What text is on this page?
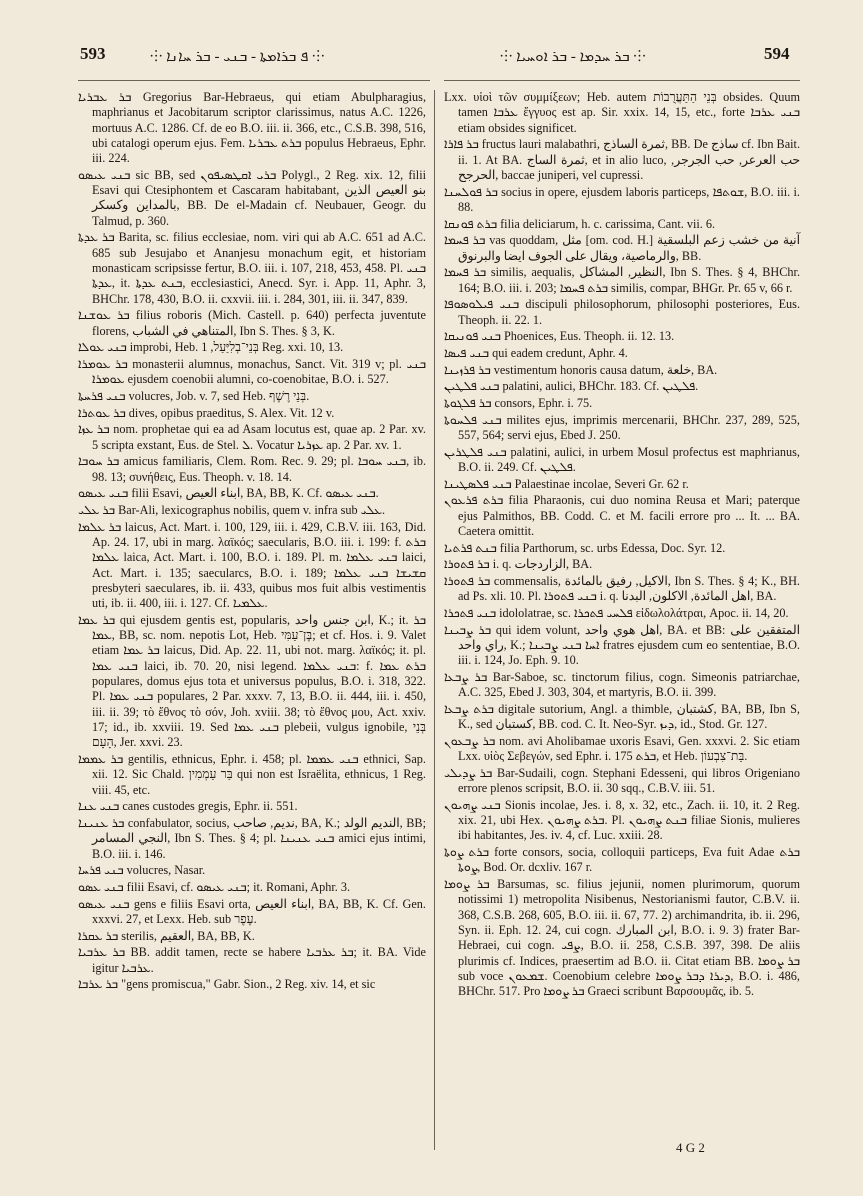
593	⸭ ܦ ܒܪܐܡܬܐ ‑ ܒܢܝ ‑ ܒܪ ܚܐܢܐ ⸭	⸭ ܒܪ ܚܕܡܐ ‑ ܒܪ ܐܘܚܝܐ ⸭	594

ܒܪ ܥܒܪܝܐ Gregorius Bar-Hebraeus, qui etiam Abulpharagius, maphrianus et Jacobitarum scriptor clarissimus, natus A.C. 1226, mortuus A.C. 1286. Cf. de eo B.O. iii. ii. 366, etc., C.S.B. 398, 516, ubi catalogi operum ejus. Fem. ܒܪܬ ܥܒܪܝܐ populus Hebraeus, Ephr. iii. 224.

ܒܢܝ ܥܝܣܘ sic BB, sed ܒܪܝ ܐܩܛܣܝܦܘܢ Polygl., 2 Reg. xix. 12, filii Esavi qui Ctesiphontem et Cascaram habitabant, بنو العيص الذين بالمداين وكسكر, BB. De el-Madain cf. Neubauer, Geogr. du Talmud, p. 360.

ܒܪ ܥܕܬܐ Barita, sc. filius ecclesiae, nom. viri qui ab A.C. 651 ad A.C. 685 sub Jesujabo et Ananjesu monachum egit, et historiam monasticam scripsisse fertur, B.O. iii. i. 107, 218, 453, 458. Pl. ܒܢܝ ܥܕܬܐ, it. ܒܢܬ ܥܕܬܐ, ecclesiastici, Anecd. Syr. i. App. 11, Aphr. 3, BHChr. 178, 430, B.O. ii. cxxvii. iii. i. 284, 301, iii. ii. 347, 839.

ܒܪ ܥܘܫܢܐ filius roboris (Mich. Castell. p. 640) perfecta juventute florens, المتناهي في الشباب, Ibn S. Thes. § 3, K.

ܒܢܝ ܥܘܠܐ improbi, Heb. בְּנֵי־בְלִיַּעַל, 1 Reg. xxi. 10, 13.

ܒܪ ܥܘܡܪܐ monasterii alumnus, monachus, Sanct. Vit. 319 v; pl. ܒܢܝ ܥܘܡܪܐ ejusdem coenobii alumni, co-coenobitae, B.O. i. 527.

ܒܢܝ ܦܪܚܬܐ volucres, Job. v. 7, sed Heb. בְּנֵי רֶשֶׁף.

ܒܪ ܥܘܬܪܐ dives, opibus praeditus, S. Alex. Vit. 12 v.

ܒܪ ܥܙܐ nom. prophetae qui ea ad Asam locutus est, quae ap. 2 Par. xv. 5 scripta exstant, Eus. de Stel. ܠ. Vocatur ܥܙܪܝܐ ap. 2 Par. xv. 1.

ܒܪ ܚܘܒܐ amicus familiaris, Clem. Rom. Rec. 9. 29; pl. ܒܢܝ ܚܘܒܐ, ib. 98. 13; συνήθεις, Eus. Theoph. v. 18. 14.

ܒܢܝ ܥܝܣܘ filii Esavi, ابناء العيص, BA, BB, K. Cf. ܒܢܝ ܥܝܣܘ.

ܒܪ ܥܠܝ Bar-Ali, lexicographus nobilis, quem v. infra sub ܥܠܝ.

ܒܪ ܥܠܡܐ laicus, Act. Mart. i. 100, 129, iii. i. 429, C.B.V. iii. 163, Did. Ap. 24. 17, ubi in marg. λαϊκός; saecularis, B.O. iii. i. 199: f. ܒܪܬ ܥܠܡܐ laica, Act. Mart. i. 100, B.O. i. 189. Pl. m. ܒܢܝ ܥܠܡܐ laici, Act. Mart. i. 135; saecularcs, B.O. i. 189; ܩܫܝܫܐ ܒܢܝ ܥܠܡܐ presbyteri saeculares, ib. ii. 433, quibus mos fuit albis vestimentis uti, ib. ii. 400, iii. i. 127. Cf. ܥܠܡܝܐ.

ܒܪ ܥܡܐ qui ejusdem gentis est, popularis, ابن جنس واحد, K.; it. ܒܪ ܥܡܐ, BB, sc. nom. nepotis Lot, Heb. בֶּן־עַמִּי; et cf. Hos. i. 9. Valet etiam ܒܪ ܥܡܐ laicus, Did. Ap. 22. 11, ubi not. marg. λαϊκός; it. pl. ܒܢܝ ܥܡܐ laici, ib. 70. 20, nisi legend. ܒܢܝ ܥܠܡܐ: f. ܒܪܬ ܥܡܐ populares, domus ejus tota et universus populus, B.O. i. 318, 322. Pl. ܒܢܝ ܥܡܐ populares, 2 Par. xxxv. 7, 13, B.O. ii. 444, iii. i. 450, iii. ii. 39; τὸ ἔθνος τὸ σόν, Joh. xviii. 38; τὸ ἔθνος μου, Act. xxiv. 17; id., ib. xxviii. 19. Sed ܒܢܝ ܥܡܐ plebeii, vulgus ignobile, בְּנֵי הָעָם, Jer. xxvi. 23.

ܒܪ ܥܡܡܐ gentilis, ethnicus, Ephr. i. 458; pl. ܒܢܝ ܥܡܡܐ ethnici, Sap. xii. 12. Sic Chald. בַּר עַמְמִין qui non est Israëlita, ethnicus, 1 Reg. viii. 45, etc.

ܒܢܝ ܥܢܐ canes custodes gregis, Ephr. ii. 551.

ܒܪ ܥܢܝܢܐ confabulator, socius, نديم, صاحب, BA, K.; النديم الولد, BB; النجي المسامر, Ibn S. Thes. § 4; pl. ܒܢܝ ܥܢܝܢܐ amici ejus intimi, B.O. iii. i. 146.

ܒܢܝ ܦܪܚܐ volucres, Nasar.

ܒܢܝ ܥܣܘ filii Esavi, cf. ܒܢܝ ܥܝܣܘ; it. Romani, Aphr. 3.

ܒܢܝ ܥܝܣܘ gens e filiis Esavi orta, ابناء العيص, BA, BB, K. Cf. Gen. xxxvi. 27, et Lexx. Heb. sub עֶפֶר.

ܒܪ ܥܩܪܐ sterilis, العقيم, BA, BB, K.

ܒܪ ܥܪܒܝܐ BB. addit tamen, recte se habere ܒܪ ܥܪܒܝܐ; it. BA. Vide igitur ܥܪܒܝܐ.

ܒܪ ܥܪܒܐ "gens promiscua," Gabr. Sion., 2 Reg. xiv. 14, et sic

Lxx. υἱοὶ τῶν συμμίξεων; Heb. autem בְּנֵי הַתַּעֲרֻבוֹת obsides. Quum tamen ܥܪܒܐ ἔγγυος est ap. Sir. xxix. 14, 15, etc., forte ܒܢܝ ܥܪܒܐ etiam obsides significet.

ܒܪ ܦܐܪܐ fructus lauri malabathri, ثمرة الساذج, BB. De ساذج cf. Ibn Bait. ii. 1. At BA. ثمرة الساج, et in alio luco, حب العرعر, حب الجرجر, الحرجح, baccae juniperi, vel cupressi.

ܒܪ ܦܘܠܚܢܐ socius in opere, ejusdem laboris particeps, ܫܘܬܦܐ, B.O. iii. i. 88.

ܒܪܬ ܦܘܢܩܐ filia deliciarum, h. c. carissima, Cant. vii. 6.

ܒܪ ܦܚܡܐ vas quoddam, مثل [om. cod. H.] آنية من خشب زعم البلسقية والرماصية، ويقال على الجوف ايضا والبرنوق, BB.

ܒܪ ܦܚܡܐ similis, aequalis, النظير, المشاكل, Ibn S. Thes. § 4, BHChr. 164; B.O. iii. i. 203; ܒܪܬ ܦܚܡܐ similis, compar, BHGr. Pr. 65 v, 66 r.

ܒܢܝ ܦܝܠܘܣܘܦܐ discipuli philosophorum, philosophi posteriores, Eus. Theoph. ii. 22. 1.

ܒܢܝ ܦܘܢܝܩܐ Phoenices, Eus. Theoph. ii. 12. 13.

ܒܢܝ ܦܝܣܐ qui eadem credunt, Aphr. 4.

ܒܪ ܦܪܙܝܢܐ vestimentum honoris causa datum, خلعة, BA.

ܒܢܝ ܦܠܛܝܢ palatini, aulici, BHChr. 183. Cf. ܦܠܛܝܢ.

ܒܪ ܦܠܓܘܬܐ consors, Ephr. i. 75.

ܒܢܝ ܦܠܚܘܬܐ milites ejus, imprimis mercenarii, BHChr. 237, 289, 525, 557, 564; servi ejus, Ebed J. 250.

ܒܢܝ ܦܠܛܪܝܢ palatini, aulici, in urbem Mosul profectus est maphrianus, B.O. ii. 249. Cf. ܦܠܛܝܢ.

ܒܢܝ ܦܠܣܛܝܢܐ Palaestinae incolae, Severi Gr. 62 r.

ܒܪܬ ܦܪܥܘܢ filia Pharaonis, cui duo nomina Reusa et Mari; paterque ejus Palmithos, BB. Codd. C. et M. facili errore pro ... It. ... BA. Caetera omittit.

ܒܢܬ ܦܪܬܝܐ filia Parthorum, sc. urbs Edessa, Doc. Syr. 12.

ܒܪ ܦܬܘܪܐ i. q. الزاردجات, BA.

ܒܪ ܦܬܘܪܐ commensalis, الاكيل, رفيق بالمائدة, Ibn S. Thes. § 4; K., BH. ad Ps. xli. 10. Pl. ܒܢܝ ܦܬܘܪܐ i. q. اهل المائدة, الاكلون, البدنا, BA.

ܒܢܝ ܦܬܟܪܐ idololatrae, sc. ܦܠܚܝ ܦܬܟܪܐ εἰδωλολάτραι, Apoc. ii. 14, 20.

ܒܪ ܨܒܝܢܐ qui idem volunt, اهل هوي واحد, BA. et BB: المتفقين على راي واحد, K.; ܐܚܐ ܒܢܝ ܨܒܝܢܐ fratres ejusdem cum eo sententiae, B.O. iii. i. 124, Jo. Eph. 9. 10.

ܒܪ ܨܒܥܐ Bar-Saboe, sc. tinctorum filius, cogn. Simeonis patriarchae, A.C. 325, Ebed J. 303, 304, et martyris, B.O. ii. 399.

ܒܪܬ ܨܒܥܐ digitale sutorium, Angl. a thimble, كشتبان, BA, BB, Ibn S, K., sed كستبان, BB. cod. C. It. Neo-Syr. ܕܝܙ, id., Stod. Gr. 127.

ܒܪ ܨܒܥܘܢ nom. avi Aholibamae uxoris Esavi, Gen. xxxvi. 2. Sic etiam Lxx. υἱὸς Σεβεγών, sed Ephr. i. 175 ܒܪܬ, et Heb. בַּת־צִבְעוֹן.

ܒܪ ܨܕܝܠܝ Bar-Sudaili, cogn. Stephani Edesseni, qui libros Origeniano errore plenos scripsit, B.O. ii. 30 sqq., C.B.V. iii. 51.

ܒܢܝ ܨܗܝܘܢ Sionis incolae, Jes. i. 8, x. 32, etc., Zach. ii. 10, it. 2 Reg. xix. 21, ubi Hex. ܒܪܬ ܨܗܝܘܢ. Pl. ܒܢܬ ܨܗܝܘܢ filiae Sionis, mulieres ibi habitantes, Jes. iv. 4, cf. Luc. xxiii. 28.

ܒܪܬ ܨܘܬܐ forte consors, socia, colloquii particeps, Eva fuit Adae ܒܪܬ ܨܘܬܐ, Bod. Or. dcxliv. 167 r.

ܒܪ ܨܘܡܐ Barsumas, sc. filius jejunii, nomen plurimorum, quorum notissimi 1) metropolita Nisibenus, Nestorianismi fautor, C.B.V. ii. 368, C.S.B. 268, 605, B.O. iii. ii. 67, 77. 2) archimandrita, ib. ii. 296, Syn. ii. Eph. 12. 24, cui cogn. ابن المبارك, B.O. i. 9. 3) frater Bar-Hebraei, cui cogn. ܨܦܝ, B.O. ii. 258, C.S.B. 397, 398. De aliis plurimis cf. Indices, praesertim ad B.O. ii. Citat etiam BB. ܒܪ ܨܘܡܐ sub voce ܫܡܥܘܢ. Coenobium celebre ܕܝܪܐ ܕܒܪ ܨܘܡܐ, B.O. i. 486, BHChr. 517. Pro ܒܪ ܨܘܡܐ Graeci scribunt Βαρσουμᾶς, ib. 5.

4 G 2
